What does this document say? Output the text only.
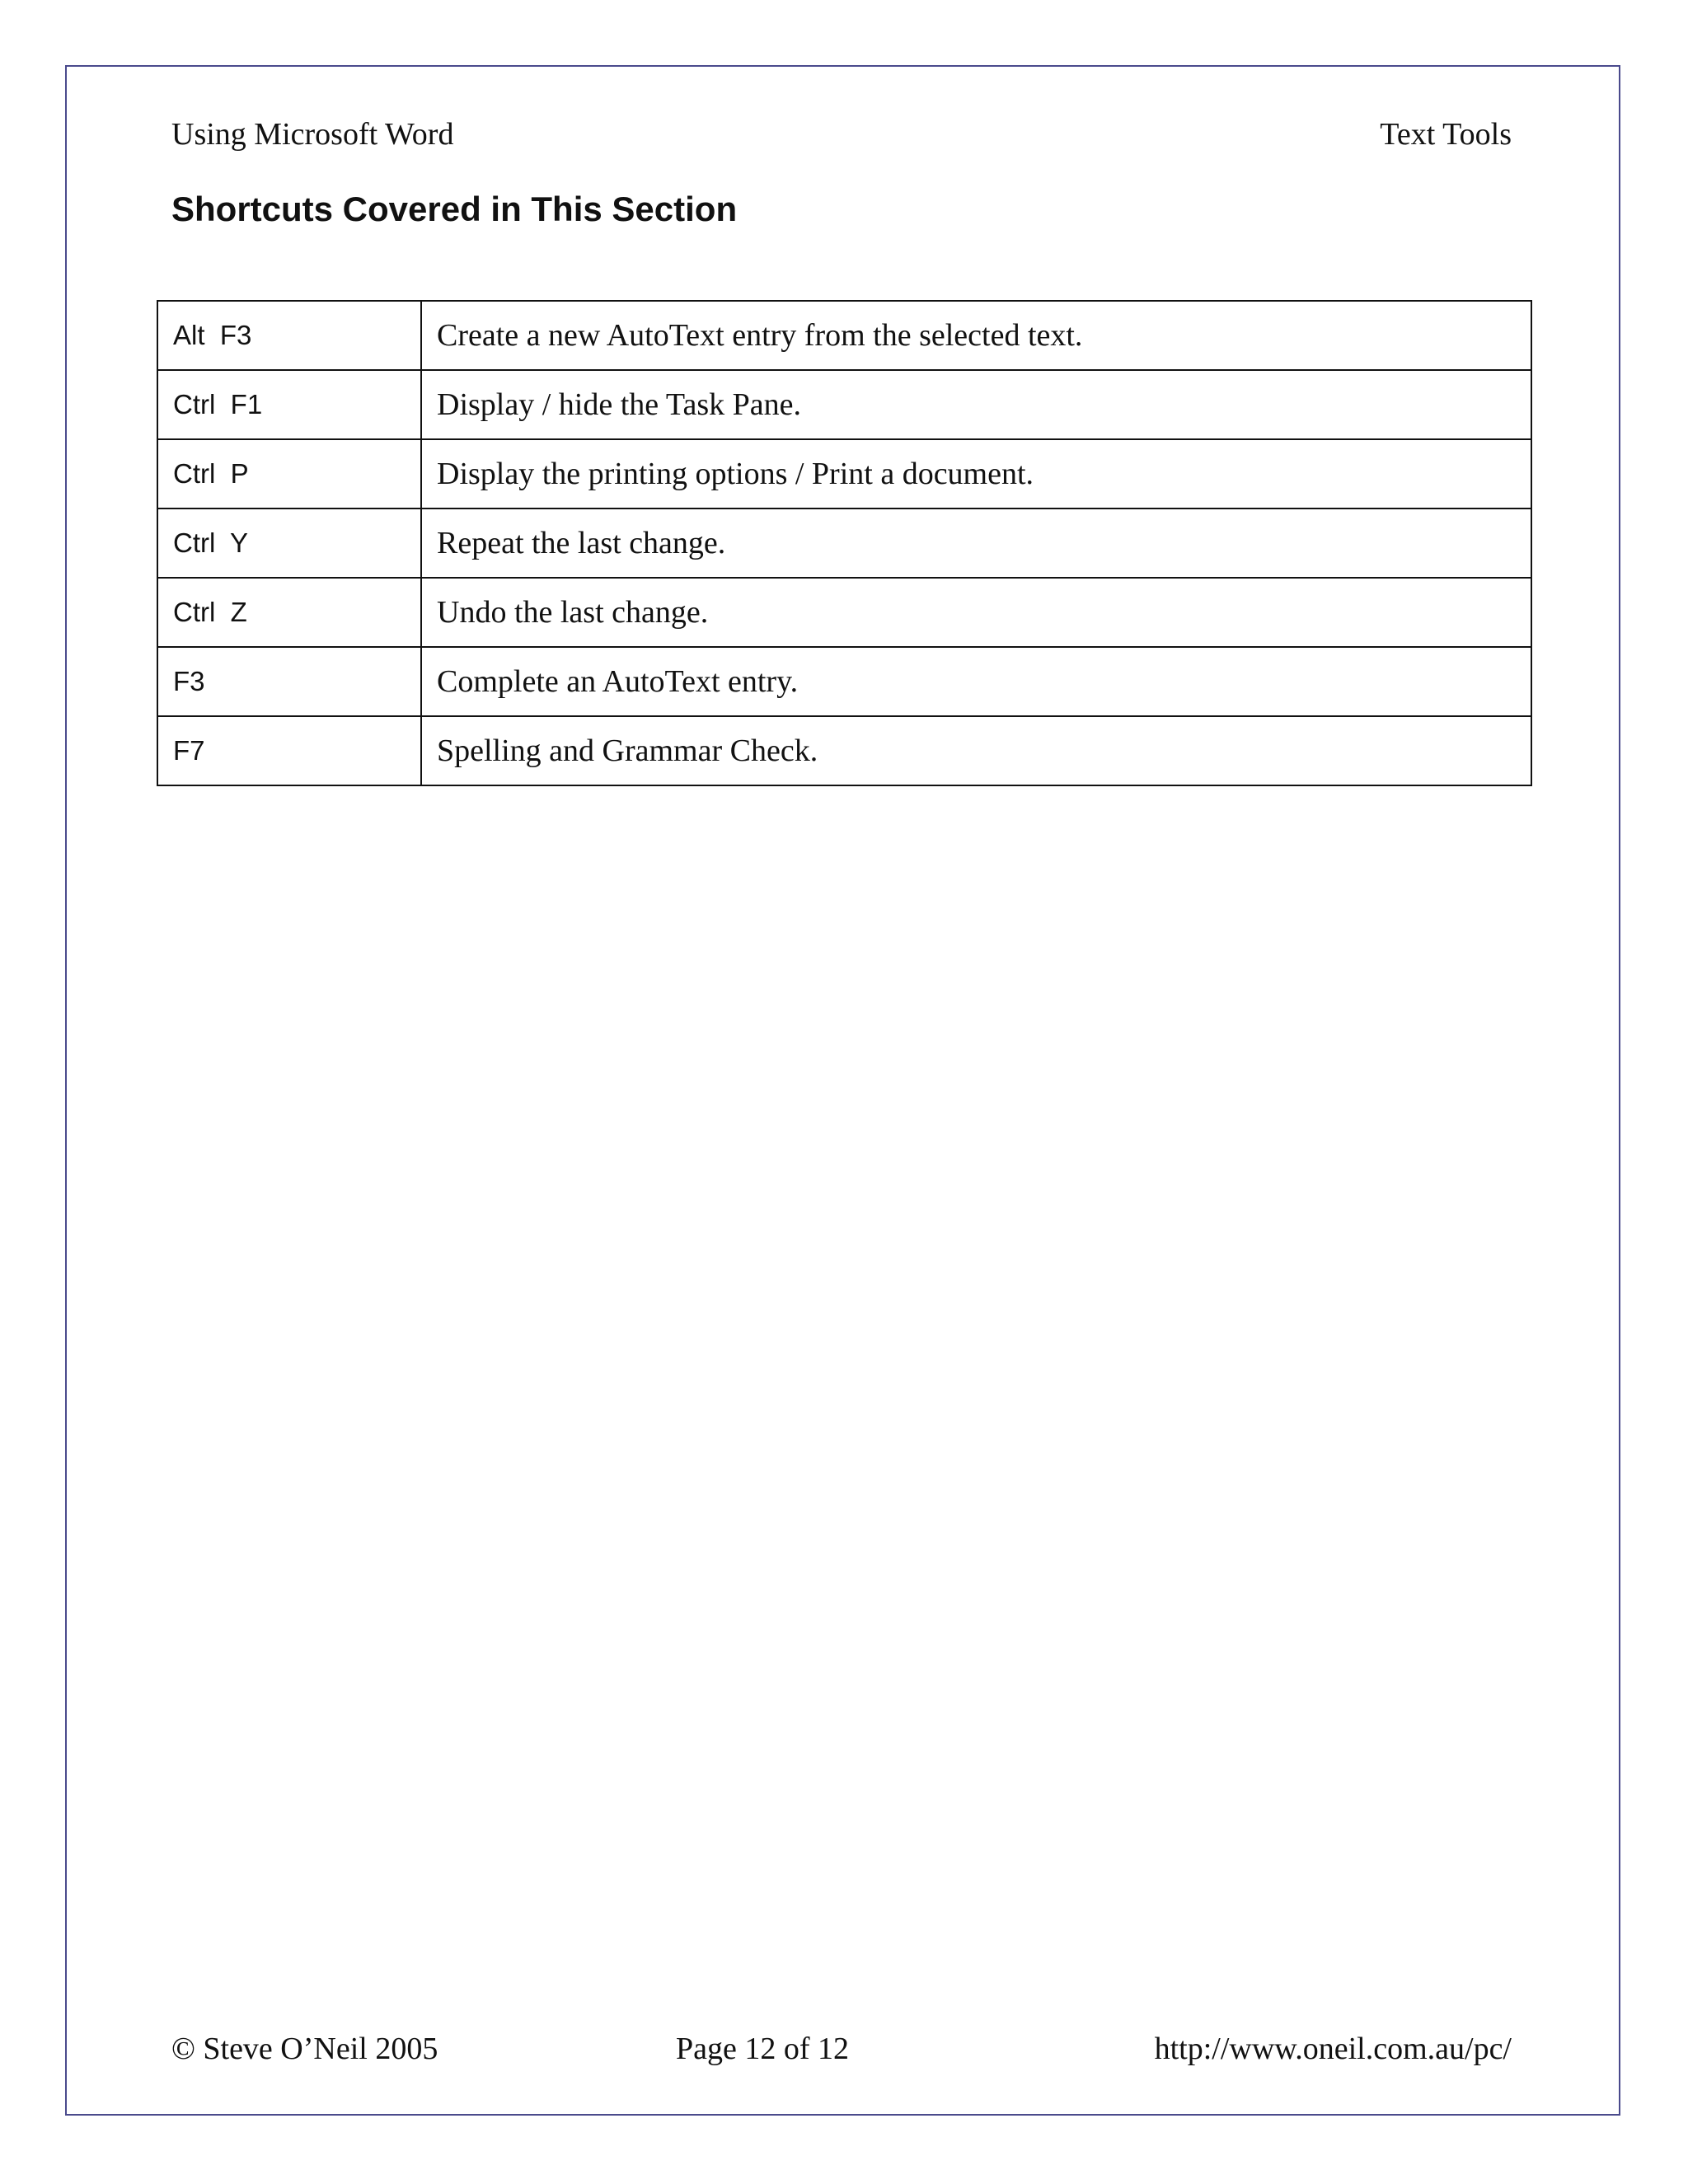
Using Microsoft Word	Text Tools
Shortcuts Covered in This Section
Alt  F3	Create a new AutoText entry from the selected text.
Ctrl  F1	Display / hide the Task Pane.
Ctrl  P	Display the printing options / Print a document.
Ctrl  Y	Repeat the last change.
Ctrl  Z	Undo the last change.
F3	Complete an AutoText entry.
F7	Spelling and Grammar Check.
© Steve O’Neil 2005	Page 12 of 12	http://www.oneil.com.au/pc/
